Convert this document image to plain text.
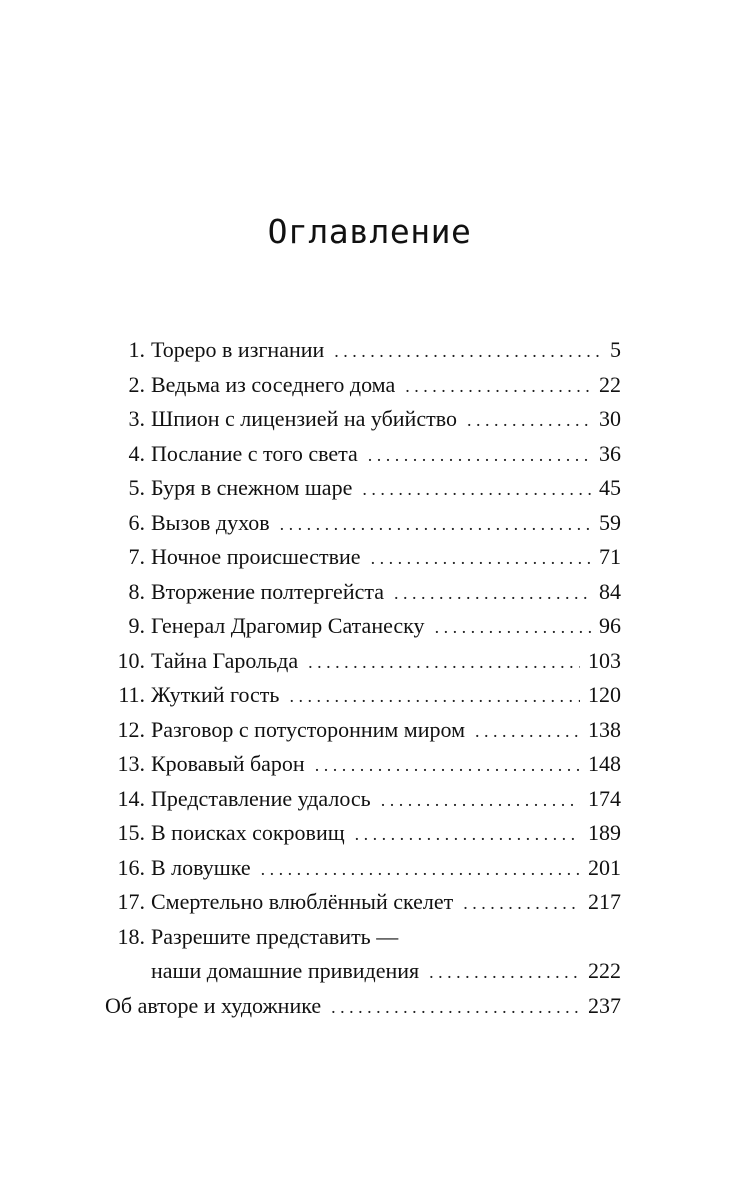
Оглавление
1. Тореро в изгнании . . .	5
2. Ведьма из соседнего дома . . .	22
3. Шпион с лицензией на убийство . . .	30
4. Послание с того света . . .	36
5. Буря в снежном шаре . . .	45
6. Вызов духов . . .	59
7. Ночное происшествие . . .	71
8. Вторжение полтергейста . . .	84
9. Генерал Драгомир Сатанеску . . .	96
10. Тайна Гарольда . . .	103
11. Жуткий гость . . .	120
12. Разговор с потусторонним миром . . .	138
13. Кровавый барон . . .	148
14. Представление удалось . . .	174
15. В поисках сокровищ . . .	189
16. В ловушке . . .	201
17. Смертельно влюблённый скелет . . .	217
18. Разрешите представить —
наши домашние привидения . . .	222
Об авторе и художнике . . .	237
